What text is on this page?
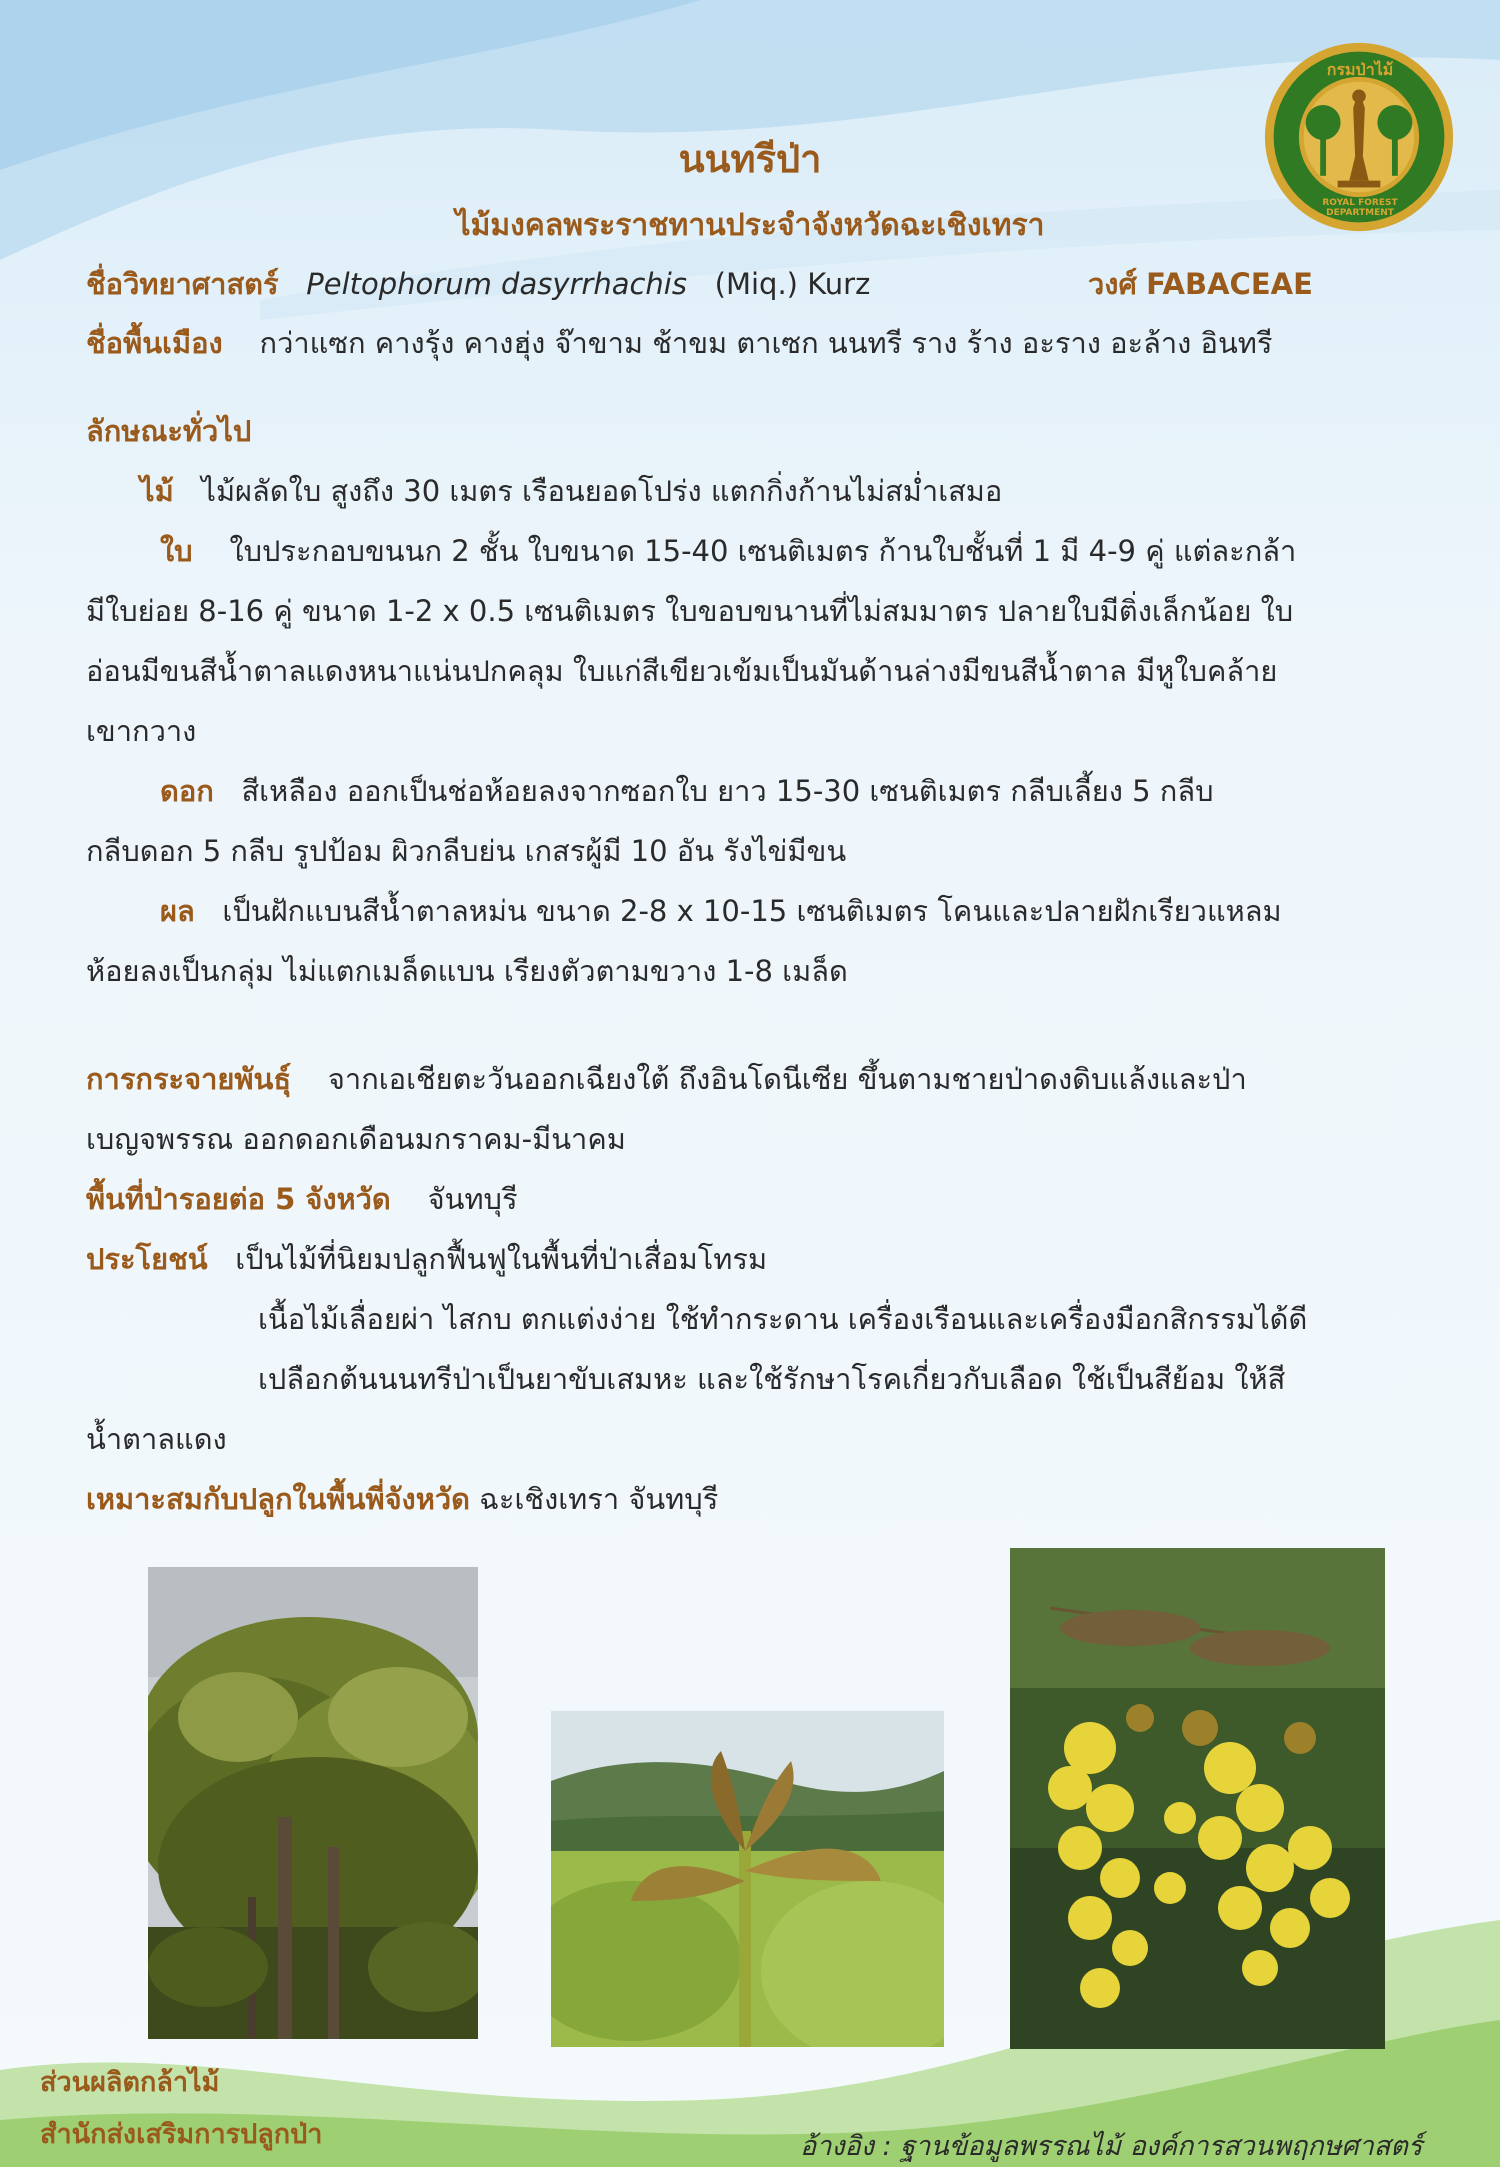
กรมป่าไม้
ROYAL FOREST DEPARTMENT
นนทรีป่า
ไม้มงคลพระราชทานประจำจังหวัดฉะเชิงเทรา
ชื่อวิทยาศาสตร์ Peltophorum dasyrrhachis (Miq.) Kurz	วงศ์ FABACEAE
ชื่อพื้นเมือง กว่าแซก คางรุ้ง คางฮุ่ง จ๊าขาม ช้าขม ตาเซก นนทรี ราง ร้าง อะราง อะล้าง อินทรี
ลักษณะทั่วไป
ไม้ ไม้ผลัดใบ สูงถึง 30 เมตร เรือนยอดโปร่ง แตกกิ่งก้านไม่สม่ำเสมอ
ใบ ใบประกอบขนนก 2 ชั้น ใบขนาด 15-40 เซนติเมตร ก้านใบชั้นที่ 1 มี 4-9 คู่ แต่ละกล้า
มีใบย่อย 8-16 คู่ ขนาด 1-2 x 0.5 เซนติเมตร ใบขอบขนานที่ไม่สมมาตร ปลายใบมีติ่งเล็กน้อย ใบ
อ่อนมีขนสีน้ำตาลแดงหนาแน่นปกคลุม ใบแก่สีเขียวเข้มเป็นมันด้านล่างมีขนสีน้ำตาล มีหูใบคล้าย
เขากวาง
ดอก สีเหลือง ออกเป็นช่อห้อยลงจากซอกใบ ยาว 15-30 เซนติเมตร กลีบเลี้ยง 5 กลีบ
กลีบดอก 5 กลีบ รูปป้อม ผิวกลีบย่น เกสรผู้มี 10 อัน รังไข่มีขน
ผล เป็นฝักแบนสีน้ำตาลหม่น ขนาด 2-8 x 10-15 เซนติเมตร โคนและปลายฝักเรียวแหลม
ห้อยลงเป็นกลุ่ม ไม่แตกเมล็ดแบน เรียงตัวตามขวาง 1-8 เมล็ด
การกระจายพันธุ์ จากเอเชียตะวันออกเฉียงใต้ ถึงอินโดนีเซีย ขึ้นตามชายป่าดงดิบแล้งและป่า
เบญจพรรณ ออกดอกเดือนมกราคม-มีนาคม
พื้นที่ป่ารอยต่อ 5 จังหวัด จันทบุรี
ประโยชน์ เป็นไม้ที่นิยมปลูกฟื้นฟูในพื้นที่ป่าเสื่อมโทรม
เนื้อไม้เลื่อยผ่า ไสกบ ตกแต่งง่าย ใช้ทำกระดาน เครื่องเรือนและเครื่องมือกสิกรรมได้ดี
เปลือกต้นนนทรีป่าเป็นยาขับเสมหะ และใช้รักษาโรคเกี่ยวกับเลือด ใช้เป็นสีย้อม ให้สี
น้ำตาลแดง
เหมาะสมกับปลูกในพื้นพี่จังหวัด ฉะเชิงเทรา จันทบุรี
ส่วนผลิตกล้าไม้
สำนักส่งเสริมการปลูกป่า	อ้างอิง : ฐานข้อมูลพรรณไม้ องค์การสวนพฤกษศาสตร์
